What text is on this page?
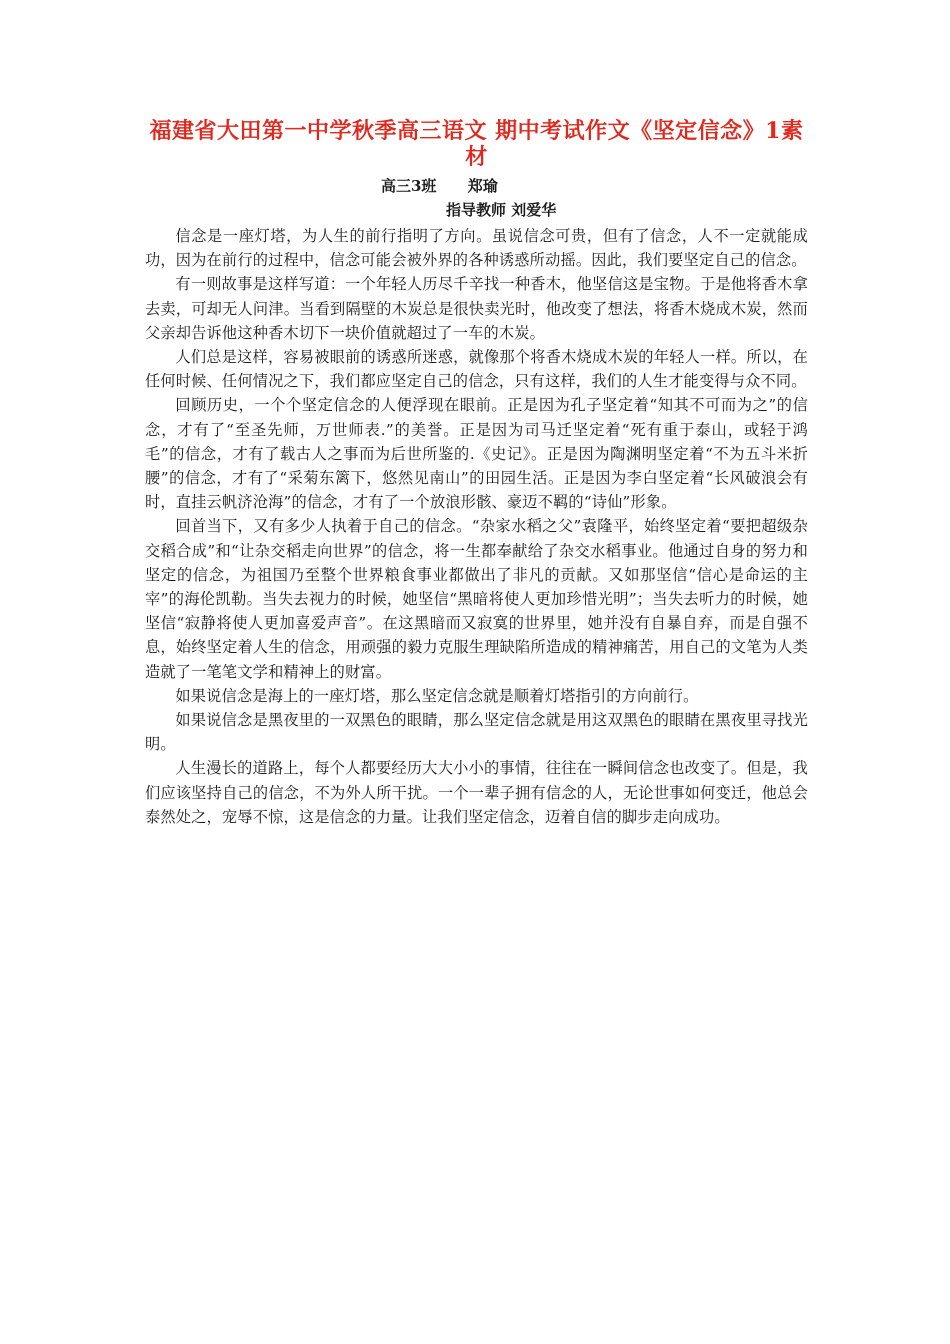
福建省大田第一中学秋季高三语文 期中考试作文《坚定信念》1素材

高三3班      郑瑜

指导教师 刘爱华

信念是一座灯塔，为人生的前行指明了方向。虽说信念可贵，但有了信念，人不一定就能成功，因为在前行的过程中，信念可能会被外界的各种诱惑所动摇。因此，我们要坚定自己的信念。

有一则故事是这样写道：一个年轻人历尽千辛找一种香木，他坚信这是宝物。于是他将香木拿去卖，可却无人问津。当看到隔壁的木炭总是很快卖光时，他改变了想法，将香木烧成木炭，然而父亲却告诉他这种香木切下一块价值就超过了一车的木炭。

人们总是这样，容易被眼前的诱惑所迷惑，就像那个将香木烧成木炭的年轻人一样。所以，在任何时候、任何情况之下，我们都应坚定自己的信念，只有这样，我们的人生才能变得与众不同。

回顾历史，一个个坚定信念的人便浮现在眼前。正是因为孔子坚定着“知其不可而为之”的信念，才有了“至圣先师，万世师表.”的美誉。正是因为司马迁坚定着“死有重于泰山，或轻于鸿毛”的信念，才有了载古人之事而为后世所鉴的.《史记》。正是因为陶渊明坚定着“不为五斗米折腰”的信念，才有了“采菊东篱下，悠然见南山”的田园生活。正是因为李白坚定着“长风破浪会有时，直挂云帆济沧海”的信念，才有了一个放浪形骸、豪迈不羁的“诗仙”形象。

回首当下，又有多少人执着于自己的信念。“杂家水稻之父”袁隆平，始终坚定着“要把超级杂交稻合成”和“让杂交稻走向世界”的信念，将一生都奉献给了杂交水稻事业。他通过自身的努力和坚定的信念，为祖国乃至整个世界粮食事业都做出了非凡的贡献。又如那坚信“信心是命运的主宰”的海伦凯勒。当失去视力的时候，她坚信“黑暗将使人更加珍惜光明”；当失去听力的时候，她坚信“寂静将使人更加喜爱声音”。在这黑暗而又寂寞的世界里，她并没有自暴自弃，而是自强不息，始终坚定着人生的信念，用顽强的毅力克服生理缺陷所造成的精神痛苦，用自己的文笔为人类造就了一笔笔文学和精神上的财富。

如果说信念是海上的一座灯塔，那么坚定信念就是顺着灯塔指引的方向前行。

如果说信念是黑夜里的一双黑色的眼睛，那么坚定信念就是用这双黑色的眼睛在黑夜里寻找光明。

人生漫长的道路上，每个人都要经历大大小小的事情，往往在一瞬间信念也改变了。但是，我们应该坚持自己的信念，不为外人所干扰。一个一辈子拥有信念的人，无论世事如何变迁，他总会泰然处之，宠辱不惊，这是信念的力量。让我们坚定信念，迈着自信的脚步走向成功。
